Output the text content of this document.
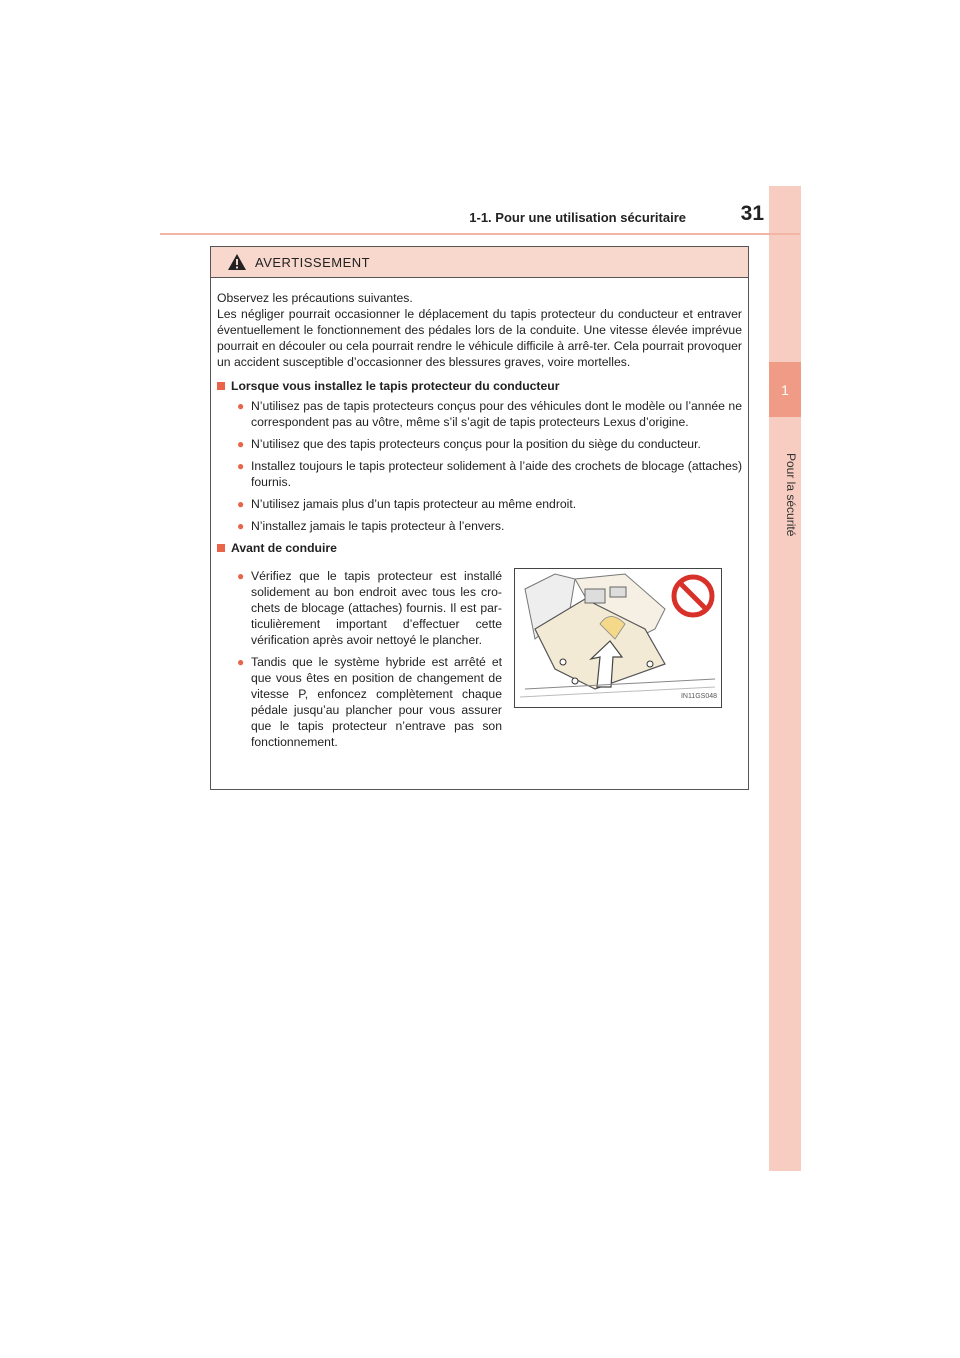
1
Pour la sécurité
1-1. Pour une utilisation sécuritaire	31
AVERTISSEMENT

Observez les précautions suivantes.

Les négliger pourrait occasionner le déplacement du tapis protecteur du conducteur et entraver éventuellement le fonctionnement des pédales lors de la conduite. Une vitesse élevée imprévue pourrait en découler ou cela pourrait rendre le véhicule difficile à arrê-ter. Cela pourrait provoquer un accident susceptible d’occasionner des blessures graves, voire mortelles.

Lorsque vous installez le tapis protecteur du conducteur
● N’utilisez pas de tapis protecteurs conçus pour des véhicules dont le modèle ou l’année ne correspondent pas au vôtre, même s’il s’agit de tapis protecteurs Lexus d’origine.
● N’utilisez que des tapis protecteurs conçus pour la position du siège du conducteur.
● Installez toujours le tapis protecteur solidement à l’aide des crochets de blocage (attaches) fournis.
● N’utilisez jamais plus d’un tapis protecteur au même endroit.
● N’installez jamais le tapis protecteur à l’envers.
Avant de conduire
● Vérifiez que le tapis protecteur est installé solidement au bon endroit avec tous les cro-chets de blocage (attaches) fournis. Il est par-ticulièrement important d’effectuer cette vérification après avoir nettoyé le plancher.
● Tandis que le système hybride est arrêté et que vous êtes en position de changement de vitesse P, enfoncez complètement chaque pédale jusqu’au plancher pour vous assurer que le tapis protecteur n’entrave pas son fonctionnement.
IN11GS048
